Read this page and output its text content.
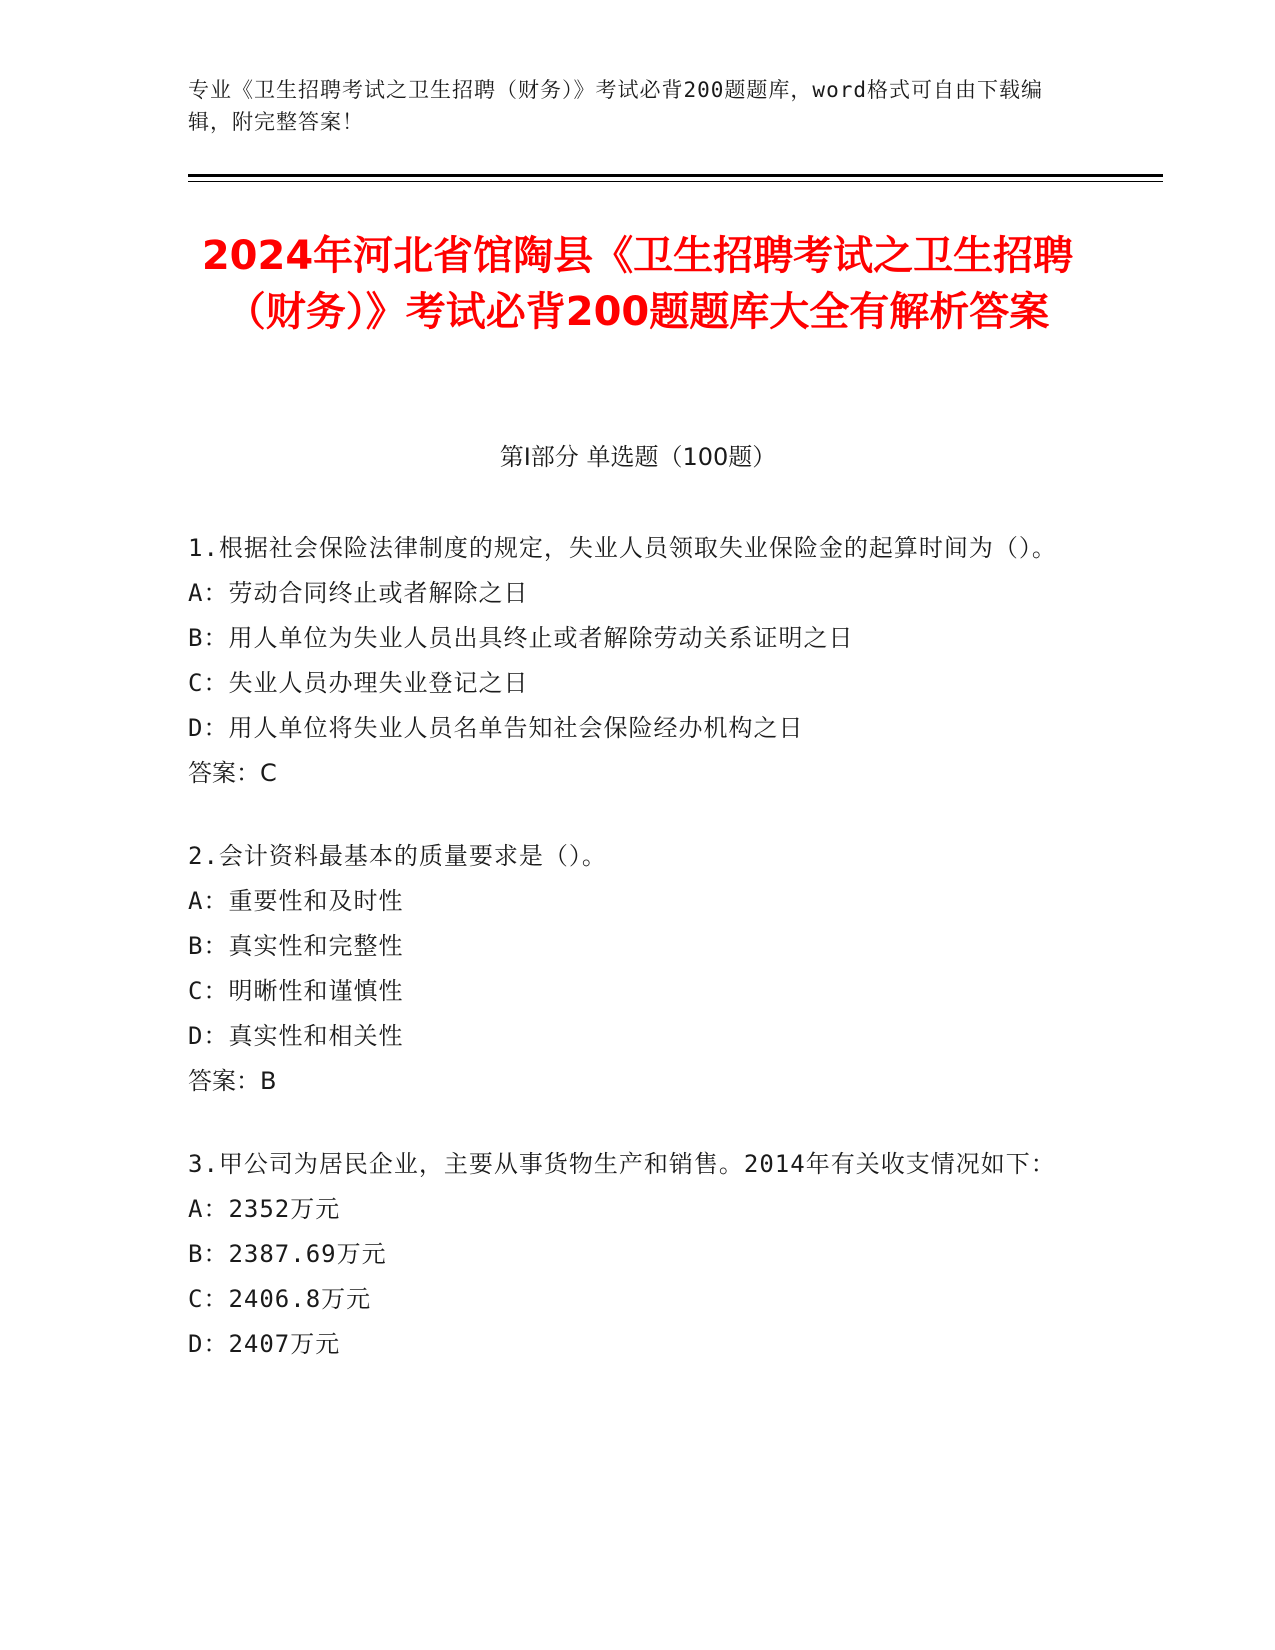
专业《卫生招聘考试之卫生招聘（财务）》考试必背200题题库，word格式可自由下载编辑，附完整答案！
2024年河北省馆陶县《卫生招聘考试之卫生招聘（财务）》考试必背200题题库大全有解析答案
第I部分 单选题（100题）
1.根据社会保险法律制度的规定，失业人员领取失业保险金的起算时间为（）。
A：劳动合同终止或者解除之日
B：用人单位为失业人员出具终止或者解除劳动关系证明之日
C：失业人员办理失业登记之日
D：用人单位将失业人员名单告知社会保险经办机构之日
答案：C
2.会计资料最基本的质量要求是（）。
A：重要性和及时性
B：真实性和完整性
C：明晰性和谨慎性
D：真实性和相关性
答案：B
3.甲公司为居民企业，主要从事货物生产和销售。2014年有关收支情况如下：
A：2352万元
B：2387.69万元
C：2406.8万元
D：2407万元
